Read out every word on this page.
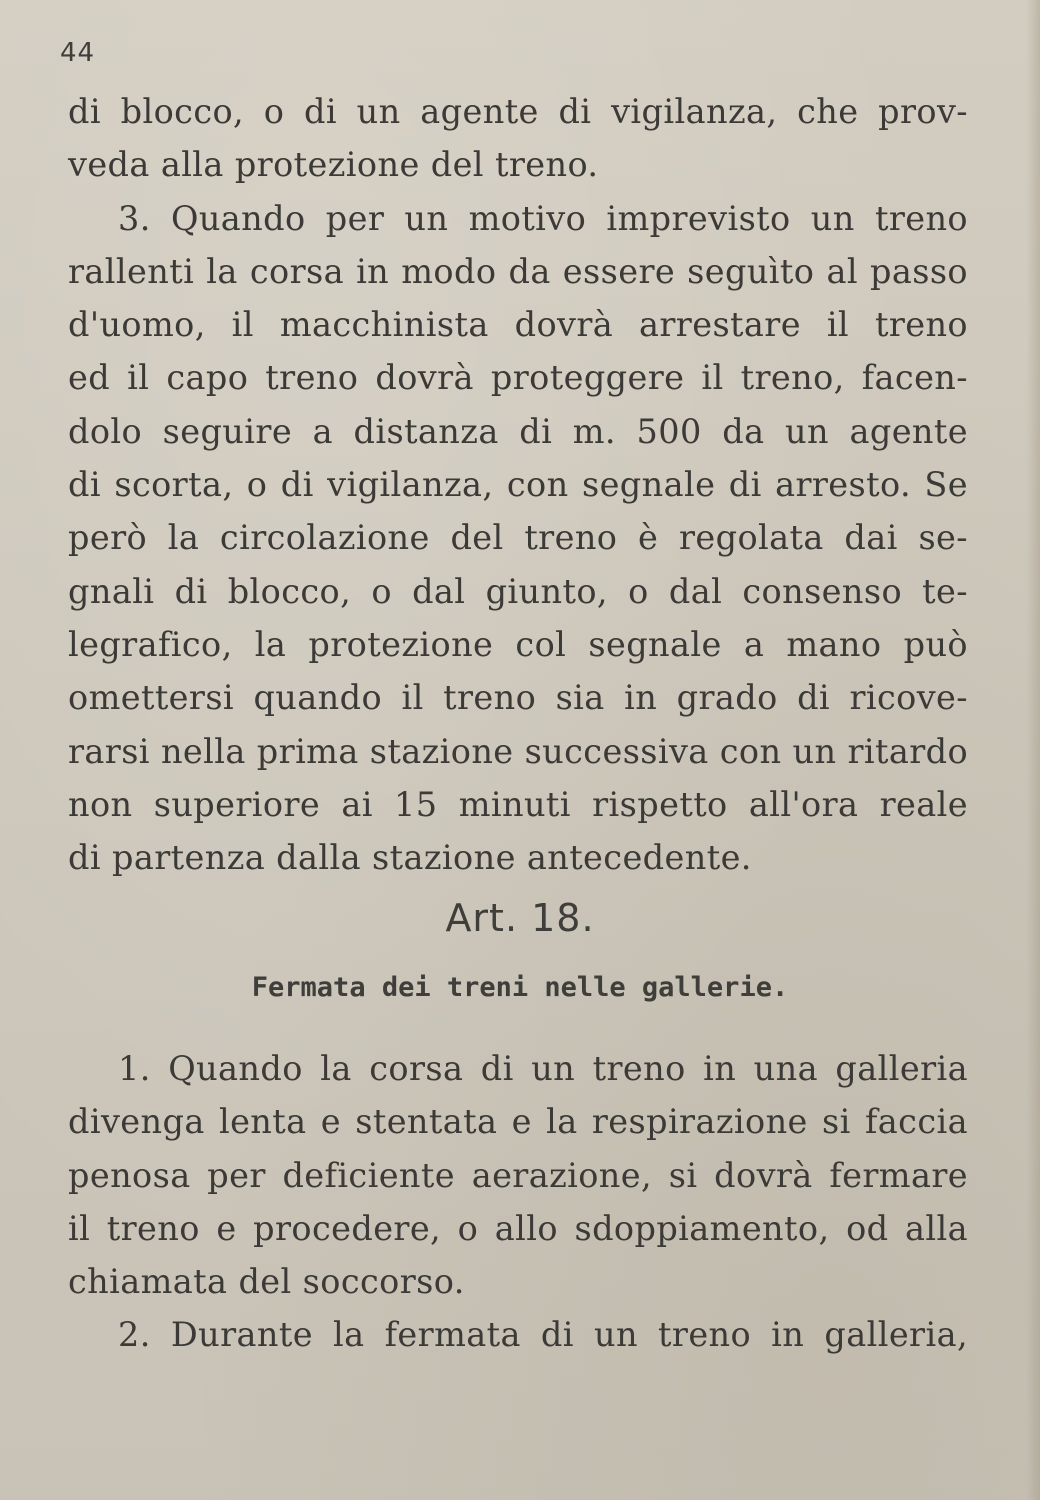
44
di blocco, o di un agente di vigilanza, che prov-
veda alla protezione del treno.
3. Quando per un motivo imprevisto un treno
rallenti la corsa in modo da essere seguìto al passo
d'uomo, il macchinista dovrà arrestare il treno
ed il capo treno dovrà proteggere il treno, facen-
dolo seguire a distanza di m. 500 da un agente
di scorta, o di vigilanza, con segnale di arresto. Se
però la circolazione del treno è regolata dai se-
gnali di blocco, o dal giunto, o dal consenso te-
legrafico, la protezione col segnale a mano può
omettersi quando il treno sia in grado di ricove-
rarsi nella prima stazione successiva con un ritardo
non superiore ai 15 minuti rispetto all'ora reale
di partenza dalla stazione antecedente.
Art. 18.
Fermata dei treni nelle gallerie.
1. Quando la corsa di un treno in una galleria
divenga lenta e stentata e la respirazione si faccia
penosa per deficiente aerazione, si dovrà fermare
il treno e procedere, o allo sdoppiamento, od alla
chiamata del soccorso.
2. Durante la fermata di un treno in galleria,
